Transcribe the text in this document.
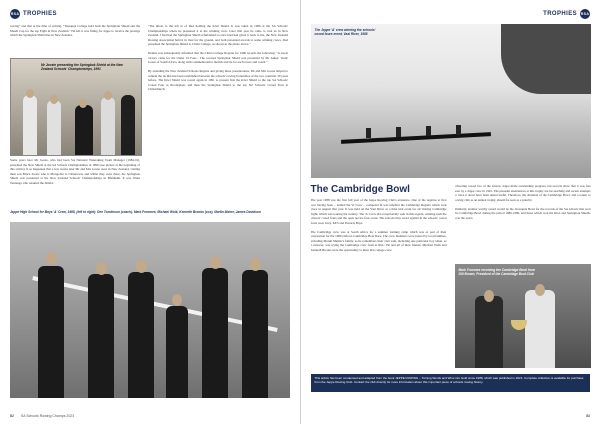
RSA TROPHIES
rowing" and that at the time of writing, "Tauranga College hold both the Springbok Shield and the Maadi Cup for the top Eight in New Zealand." He felt it was fitting for Jeppe to receive the prestige which the Springbok Shield has in New Zealand.
Mr Jooste presenting the Springbok Shield at the New Zealand Schools' Championships, 1991
Some years later Mr Jooste, who had been SA National Watersking Team Manager (1984-91), presented the New Shield at the SA Schools Championships in 1996 (see picture at the beginning of this article). It so happened that a few weeks later Mr and Mrs Jooste were in New Zealand, visiting their son Bruce Jooste who is Mongolist to Chinatown, and whilst they were there, the Springbok Shield was presented at the New Zealand Schools' Championships in Blenheim. It was Waka Tauranga who retained the Shield.
"The photo to the left is of Dad holding the Kiwi Shield. It was taken in 1986 at the SA Schools' Championships where he presented it to the winning crew. Later that year he came to visit us in New Zealand. I had had the Springbok Shield refurbished so once Dad had given it back to me, the New Zealand Rowing Association held it in trust for the ground, and both presented awards to some winning crews. Dad presented the Springbok Shield to Christ College, as shown in the photo above."

Dennis was subsequently informed that the Christ College Regatta for 1996 records the following: "A sweet victory came for the Under 19 Four... The coveted Springbok Shield was presented by Mr Anker, 'Oom' Jooste of South Africa, along with commemorative medals and tie for each rower and coach."

By attending the New Zealand Schools Regatta and giving these presentations, Mr and Mrs Jooste helped to cement the tie that has been established between the schools' rowing fraternities of the two countries 30 years before. The Kiwi Shield was rowed again in 1991 to present first the Kiwi Shield to the top SA Schools' Coxed Four at Roodeplaat, and then the Springbok Shield to the top NZ Schools' Coxed Four at Christchurch.
Jeppe High School for Boys 'A' Crew, 1988, (left to right): Dee Tomlinson (coach), Mark Froomes, Michael Wolk, Kenneth Brooks (cox), Martin Maher, James Davidson
82 SA Schools Rowing Champs 2023
TROPHIES RSA
The Jeppe 'A' crew winning the schools' coxed fours event, Vaal River, 1988
The Cambridge Bowl
The year 1988 was the first full year of the Jeppe Rowing Club's existence. One of the regattas to first ever having been – named the W Crew – competed in was labelled the Cambridge Regatta which took place in August that year. It was held on the Vaal River as a time trial event for all visiting Cambridge Eight, which was touring the country. The 'A' Crew did exceptionally well in this regatta, winning both the schools' coxed fours and the open novice four event. The schools they raced against in the schools' coxed fours were Grey, KES and Pretoria Boys.

The Cambridge crew was at South Africa for a summer training camp which was as part of their preparation for the 1989 Oxford–Cambridge Boat Race. The crew members were hosted by local families, including Martin Mather's family, as he remembers their visit well, including one particular boy when, as a cutaway, was trying the Cambridge crew from at RLL. He and all of their friends, Michael Wolk and Kenneth Brooks were the opportunity to meet that college crew.
schooling rowed two of the season. Jeppe made outstanding progress, but records show that it was fast won by a Jeppe crew in 1991. The pleasant attendances at this trophy are far-reaching and recent attempts to trace it down have been unsuccessful. Therefore, the donation of the Cambridge Bowl, and a return to rowing club as an annual trophy, should be seen as a priority.

Similarly, another worthy award would be the Jacaranda Bowl for the records of the SA schools that won the Cambridge Bowl during the period 1980-1989, and those which won the Kiwi and Springbok Shields over the years.
Mark Froomes receiving the Cambridge Bowl from Gill Brown, President of the Cambridge Boat Club
This article has been condensed and adapted from the book JEPPE ROWING – Turning Words and Wins into Gold since 1988, which was published in 2021. Complete collection is available for purchase from the Jeppe Rowing Club. Contact the club directly for more information about this important piece of schools rowing history.
83
